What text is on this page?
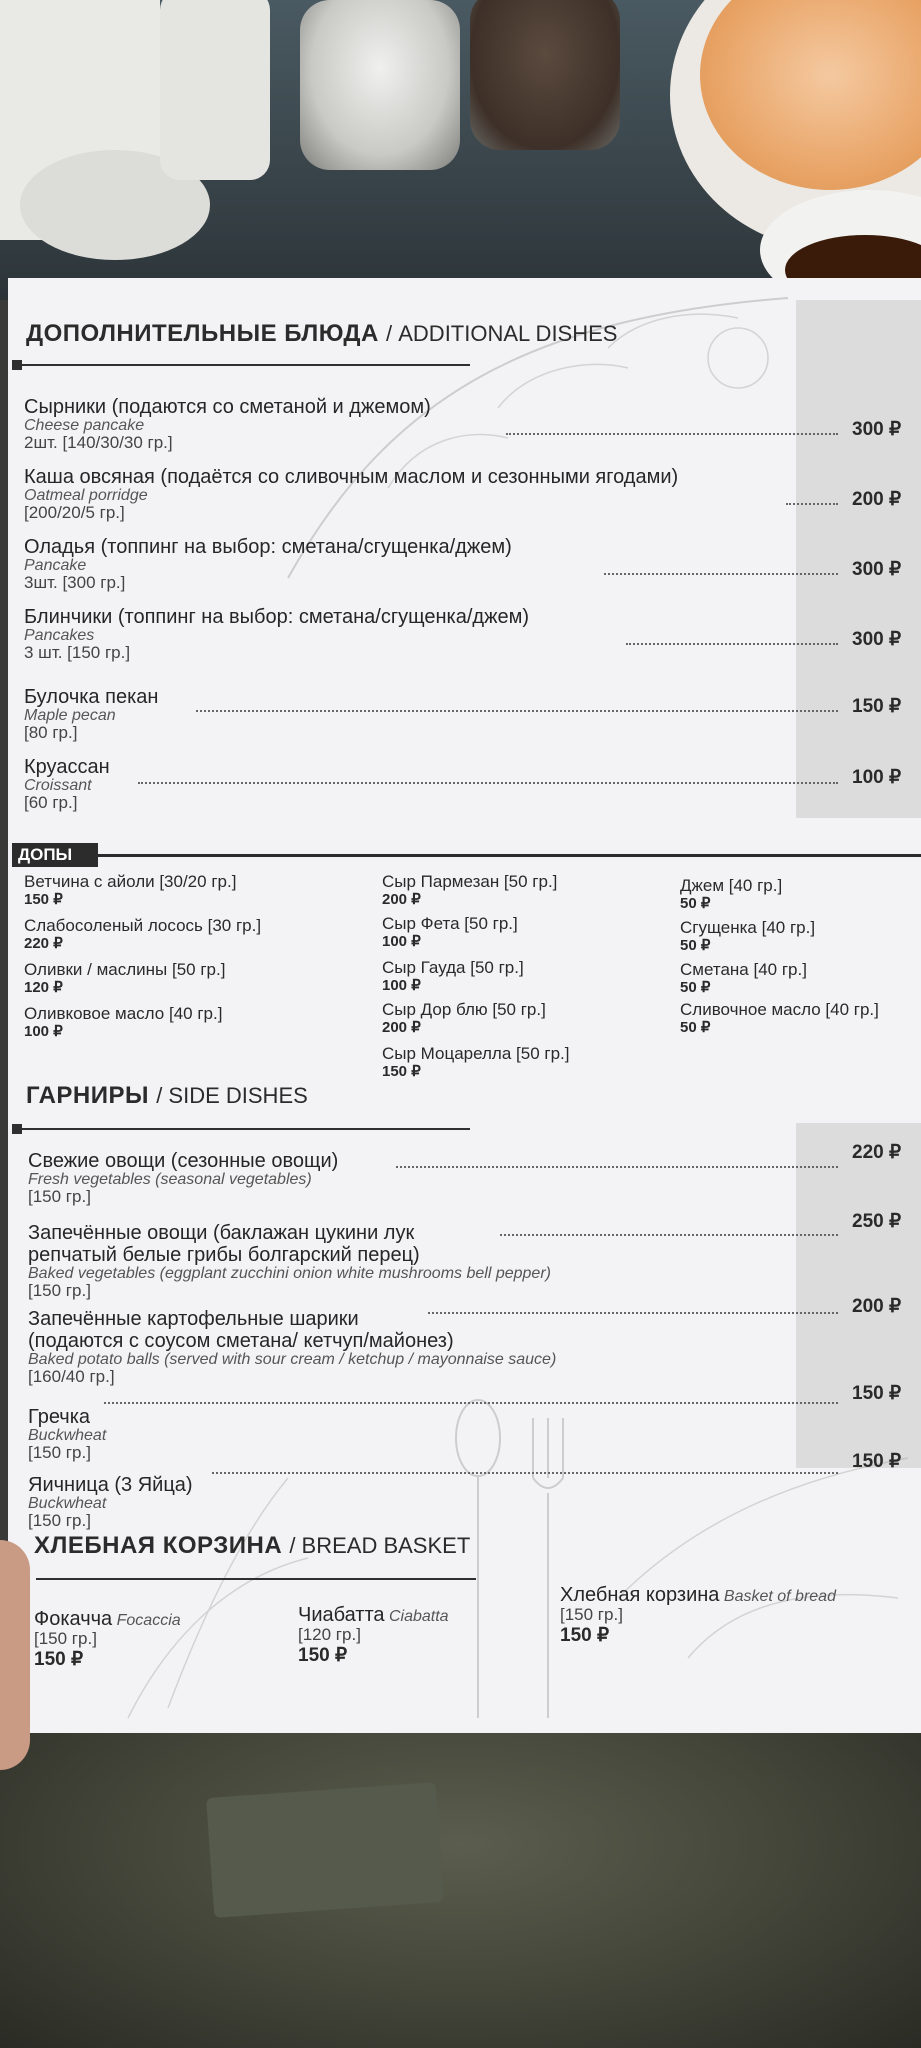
ДОПОЛНИТЕЛЬНЫЕ БЛЮДА / ADDITIONAL DISHES
Сырники (подаются со сметаной и джемом)
Cheese pancake
2шт. [140/30/30 гр.]
300 ₽
Каша овсяная (подаётся со сливочным маслом и сезонными ягодами)
Oatmeal porridge
[200/20/5 гр.]
200 ₽
Оладья (топпинг на выбор: сметана/сгущенка/джем)
Pancake
3шт. [300 гр.]
300 ₽
Блинчики (топпинг на выбор: сметана/сгущенка/джем)
Pancakes
3 шт. [150 гр.]
300 ₽
Булочка пекан
Maple pecan
[80 гр.]
150 ₽
Круассан
Croissant
[60 гр.]
100 ₽
ДОПЫ
Ветчина с айоли [30/20 гр.]
150 ₽
Слабосоленый лосось [30 гр.]
220 ₽
Оливки / маслины [50 гр.]
120 ₽
Оливковое масло [40 гр.]
100 ₽
Сыр Пармезан [50 гр.]
200 ₽
Сыр Фета [50 гр.]
100 ₽
Сыр Гауда [50 гр.]
100 ₽
Сыр Дор блю [50 гр.]
200 ₽
Сыр Моцарелла [50 гр.]
150 ₽
Джем [40 гр.]
50 ₽
Сгущенка [40 гр.]
50 ₽
Сметана [40 гр.]
50 ₽
Сливочное масло [40 гр.]
50 ₽
ГАРНИРЫ / SIDE DISHES
Свежие овощи (сезонные овощи)
Fresh vegetables (seasonal vegetables)
[150 гр.]
220 ₽
Запечённые овощи (баклажан цукини лук
репчатый белые грибы болгарский перец)
Baked vegetables (eggplant zucchini onion white mushrooms bell pepper)
[150 гр.]
250 ₽
Запечённые картофельные шарики
(подаются с соусом сметана/ кетчуп/майонез)
Baked potato balls (served with sour cream / ketchup / mayonnaise sauce)
[160/40 гр.]
200 ₽
Гречка
Buckwheat
[150 гр.]
150 ₽
Яичница (3 Яйца)
Buckwheat
[150 гр.]
150 ₽
ХЛЕБНАЯ КОРЗИНА / BREAD BASKET
Фокачча Focaccia
[150 гр.]
150 ₽
Чиабатта Ciabatta
[120 гр.]
150 ₽
Хлебная корзина Basket of bread
[150 гр.]
150 ₽
